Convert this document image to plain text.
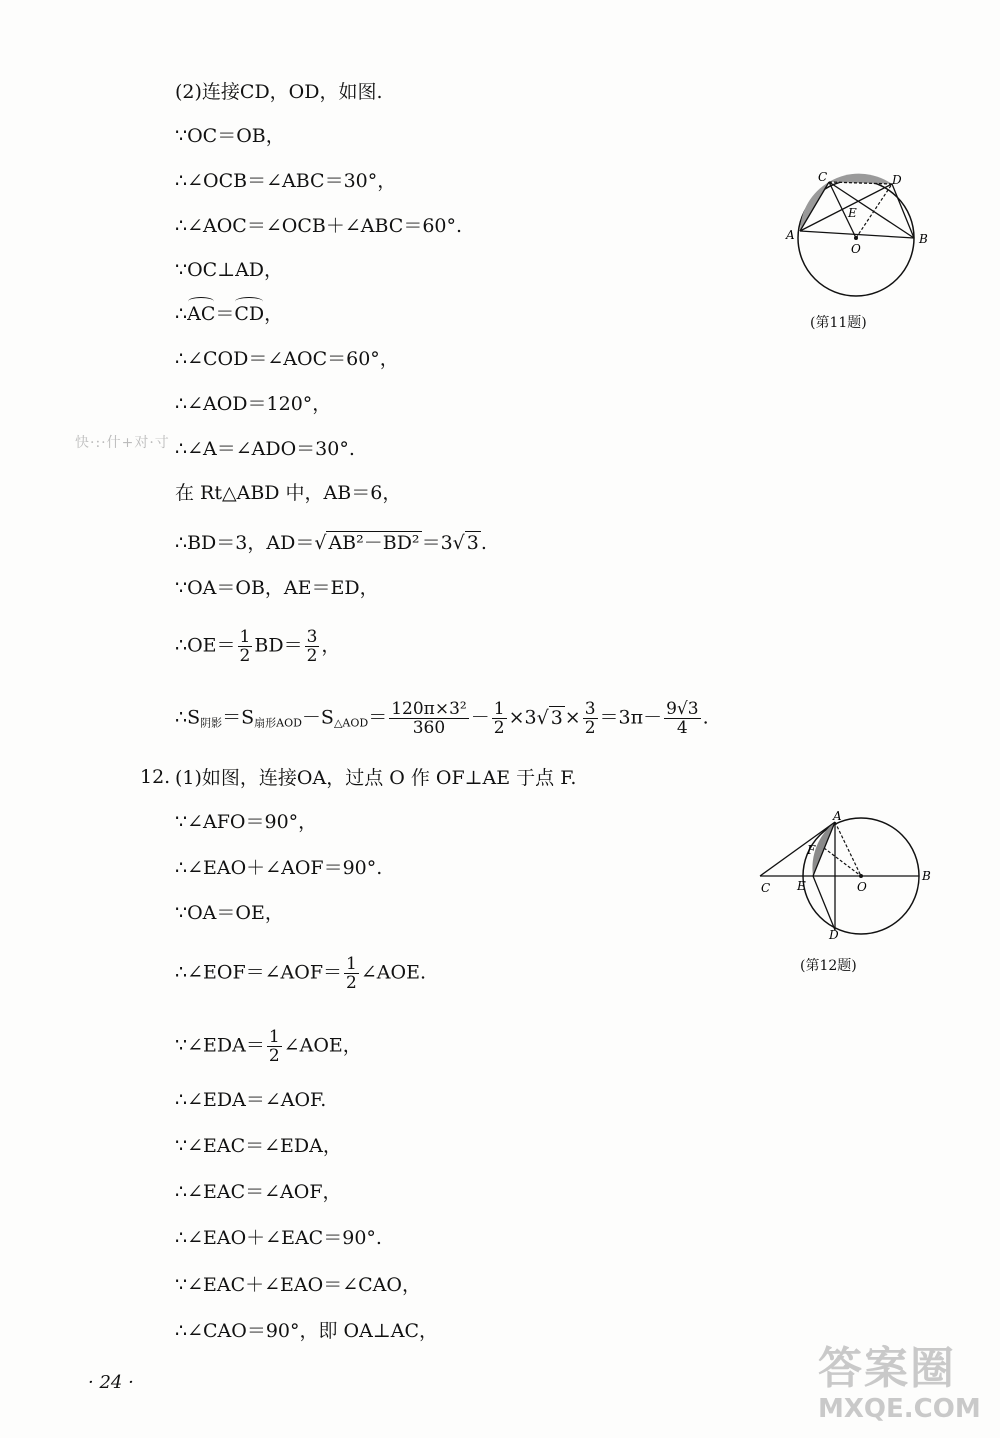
快·:·什+对·寸
(2)连接CD，OD，如图.
∵OC＝OB，
∴∠OCB＝∠ABC＝30°，
∴∠AOC＝∠OCB＋∠ABC＝60°.
∵OC⊥AD，
∴AC＝CD，
∴∠COD＝∠AOC＝60°，
∴∠AOD＝120°，
∴∠A＝∠ADO＝30°.
在 Rt△ABD 中，AB＝6，
∴BD＝3，AD＝√ AB²－BD² ＝3√ 3 .
∵OA＝OB，AE＝ED，
∴OE＝ $\frac{1}{2} BD= \frac{3}{2}$ ，
$\therefore S_{阴影}=S_{扇形AOD}-S_{\triangle AOD}= \frac{\text{120π×3²}}{360} - \frac{1}{2} \times 3√$ $3 \times \frac{3}{2} =3\pi- \frac{9√3}{4}$ .
C	D
E
A
O
B
(第11题)
12. (1)如图，连接OA，过点 O 作 OF⊥AE 于点 F.
∵∠AFO＝90°，
∴∠EAO＋∠AOF＝90°.
∵OA＝OE，
∴∠EOF＝∠AOF＝ $\frac{1}{2}$ ∠AOE.
∵∠EDA＝ $\frac{1}{2}$ ∠AOE，
∴∠EDA＝∠AOF.
∵∠EAC＝∠EDA，
∴∠EAC＝∠AOF，
∴∠EAO＋∠EAC＝90°.
∵∠EAC＋∠EAO＝∠CAO，
∴∠CAO＝90°，即 OA⊥AC，
A
F
C E	O
B
D
(第12题)
· 24 ·	答案圈
MXQE.COM
